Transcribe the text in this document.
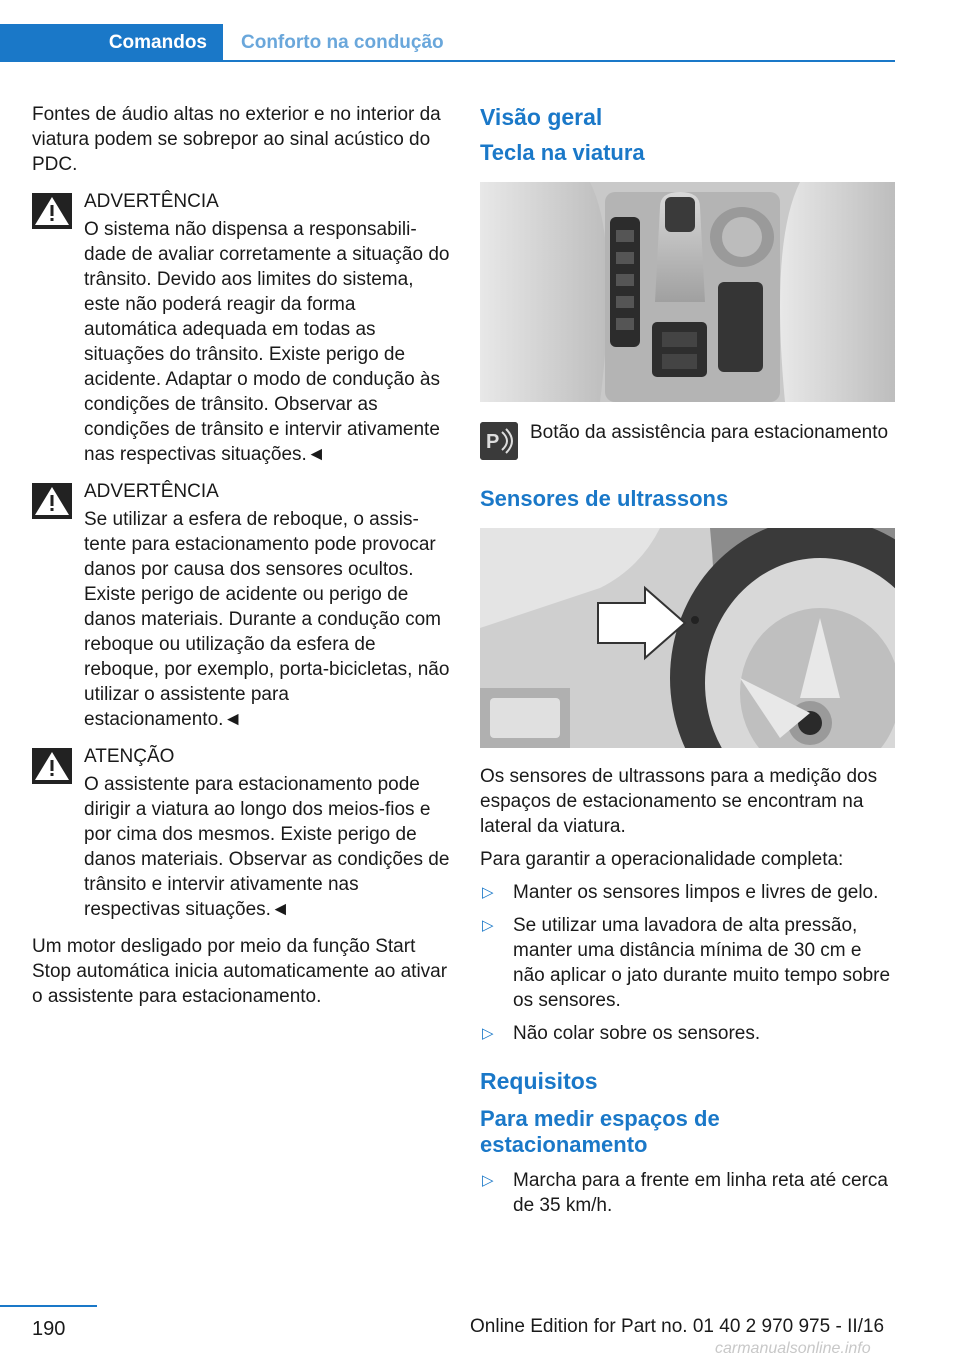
Comandos Conforto na condução

Fontes de áudio altas no exterior e no interior da viatura podem se sobrepor ao sinal acústico do PDC.

ADVERTÊNCIA
O sistema não dispensa a responsabilidade de avaliar corretamente a situação do trânsito. Devido aos limites do sistema, este não poderá reagir da forma automática adequada em todas as situações do trânsito. Existe perigo de acidente. Adaptar o modo de condução às condições de trânsito. Observar as condições de trânsito e intervir ativamente nas respectivas situações.◄
ADVERTÊNCIA
Se utilizar a esfera de reboque, o assistente para estacionamento pode provocar danos por causa dos sensores ocultos. Existe perigo de acidente ou perigo de danos materiais. Durante a condução com reboque ou utilização da esfera de reboque, por exemplo, porta-bicicletas, não utilizar o assistente para estacionamento.◄
ATENÇÃO
O assistente para estacionamento pode dirigir a viatura ao longo dos meios-fios e por cima dos mesmos. Existe perigo de danos materiais. Observar as condições de trânsito e intervir ativamente nas respectivas situações.◄

Um motor desligado por meio da função Start Stop automática inicia automaticamente ao ativar o assistente para estacionamento.

Visão geral
Tecla na viatura
P Botão da assistência para estacionamento
Sensores de ultrassons

Os sensores de ultrassons para a medição dos espaços de estacionamento se encontram na lateral da viatura.

Para garantir a operacionalidade completa:

▷ Manter os sensores limpos e livres de gelo.
▷ Se utilizar uma lavadora de alta pressão, manter uma distância mínima de 30 cm e não aplicar o jato durante muito tempo sobre os sensores.
▷ Não colar sobre os sensores.
Requisitos
Para medir espaços de estacionamento
▷ Marcha para a frente em linha reta até cerca de 35 km/h.
190	Online Edition for Part no. 01 40 2 970 975 - II/16
carmanualsonline.info
